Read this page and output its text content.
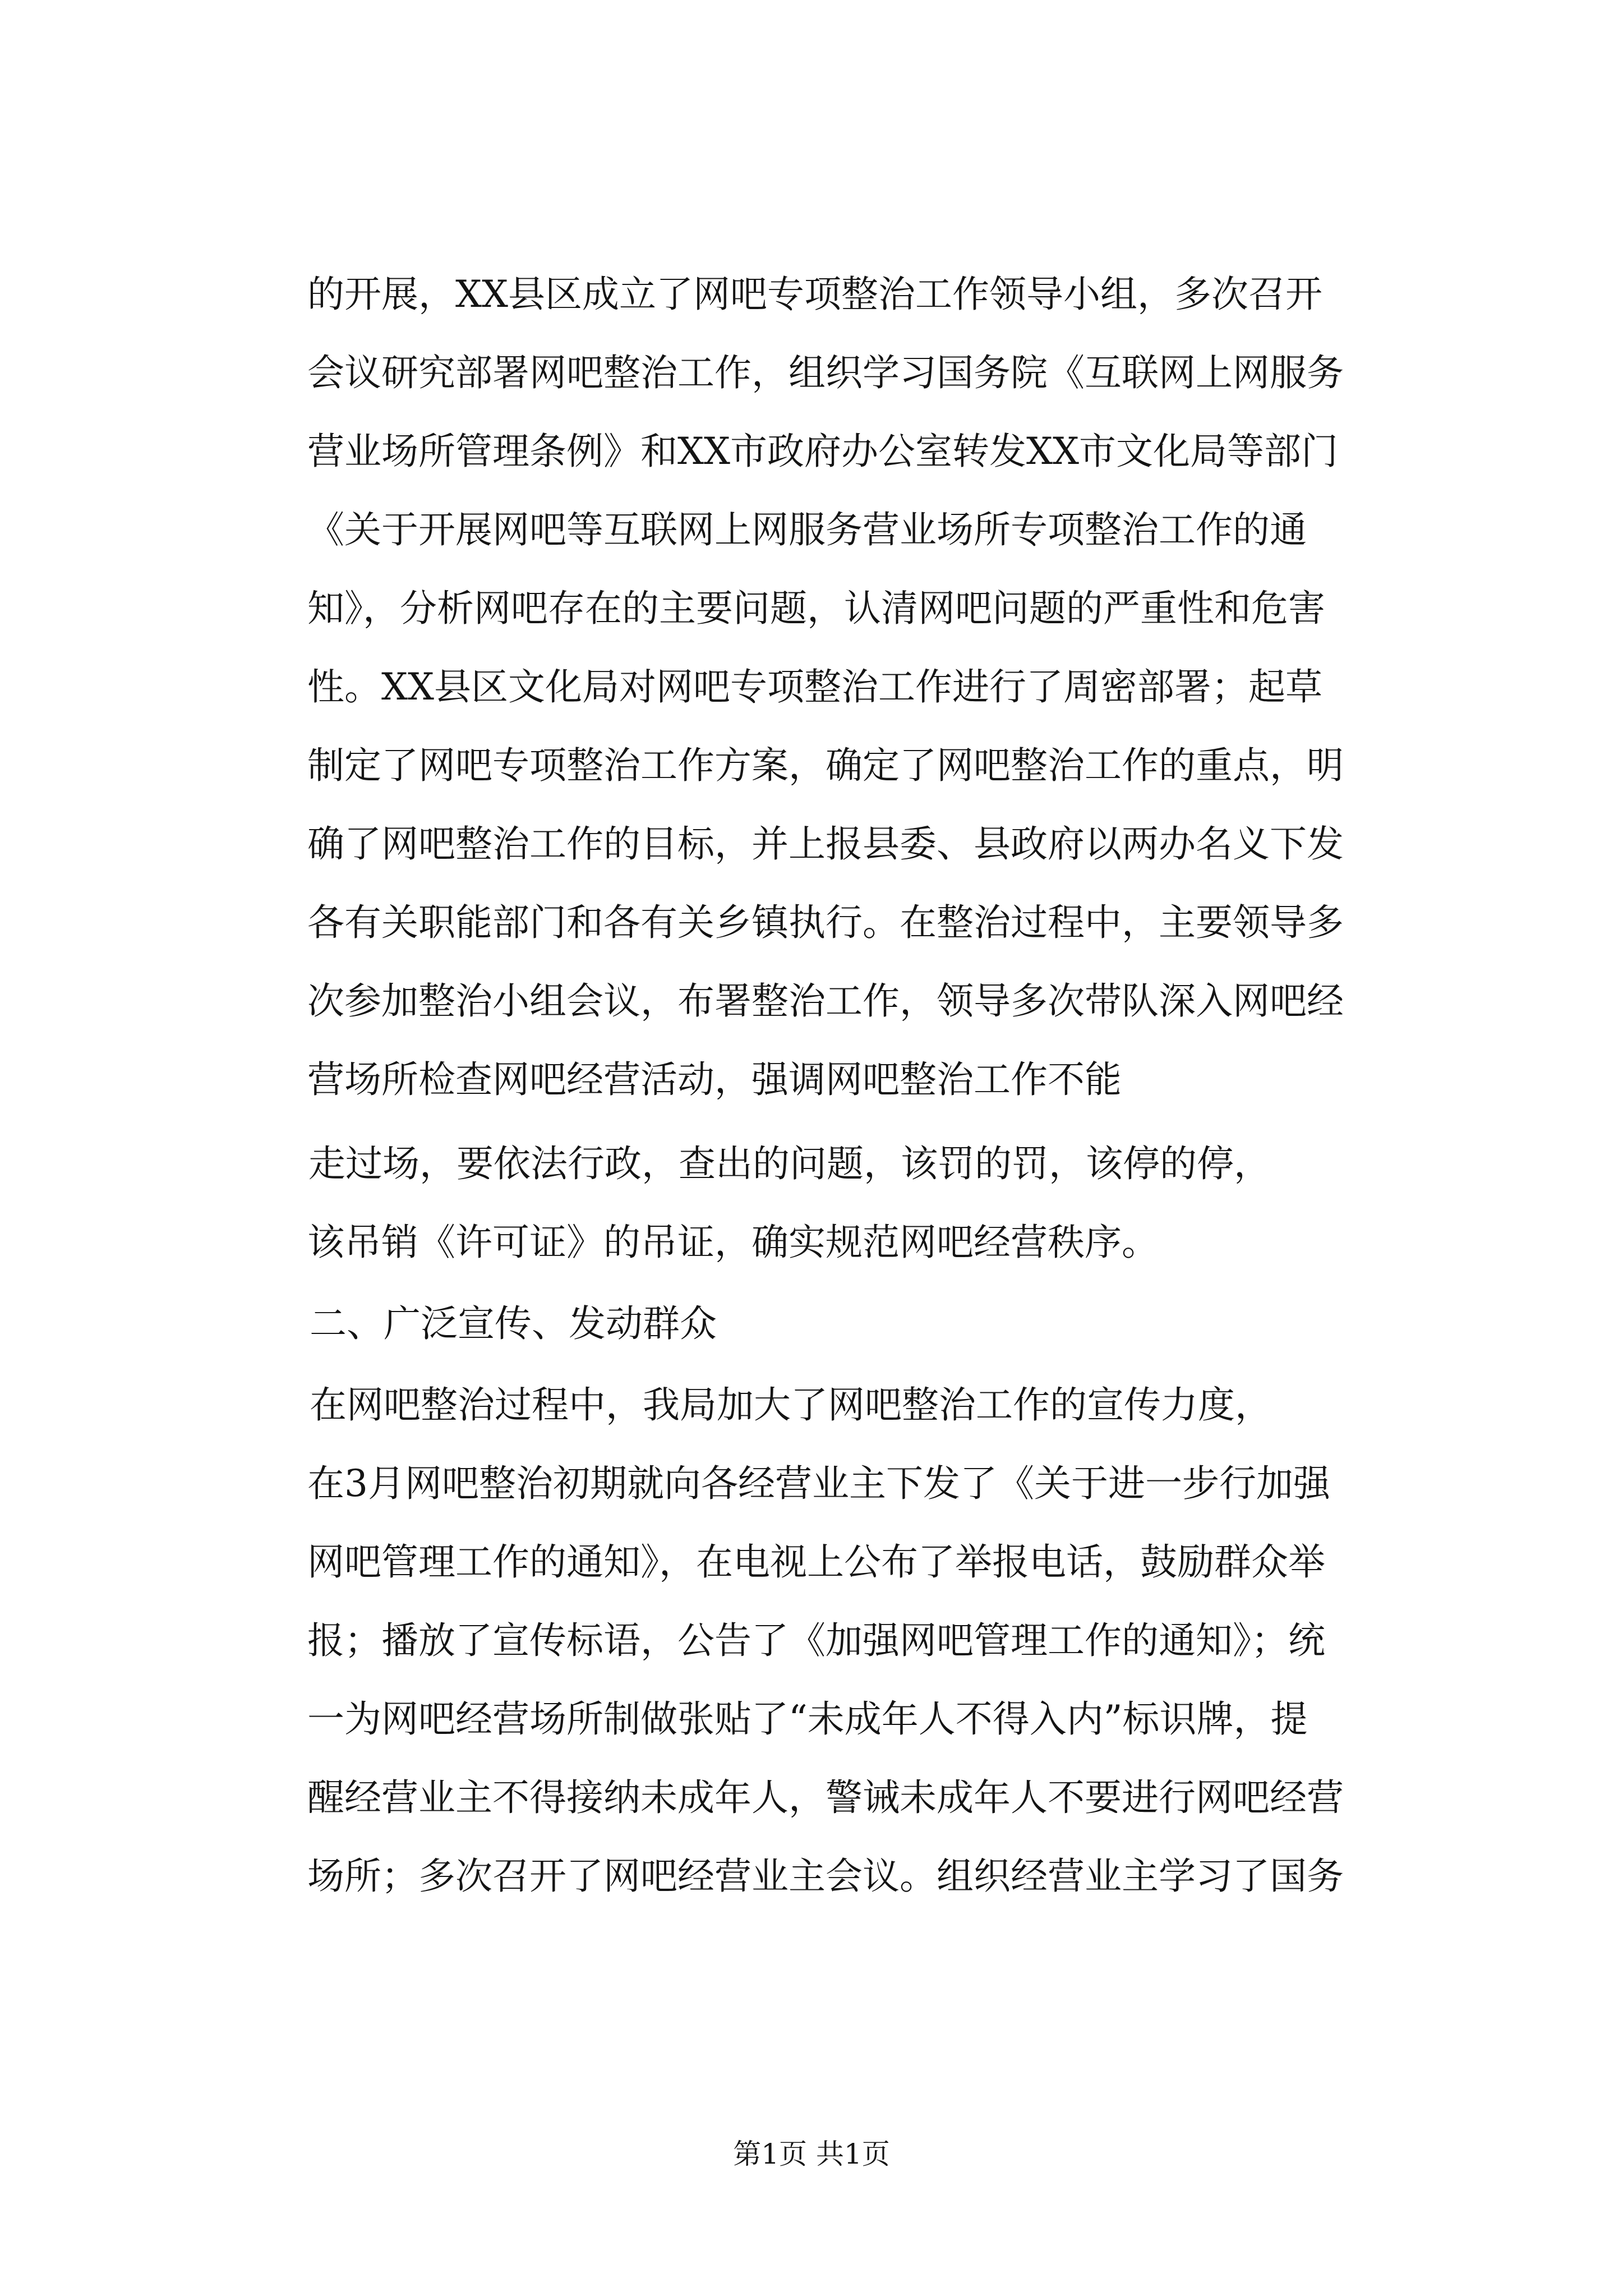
的开展，XX县区成立了网吧专项整治工作领导小组，多次召开
会议研究部署网吧整治工作，组织学习国务院《互联网上网服务
营业场所管理条例》和XX市政府办公室转发XX市文化局等部门
《关于开展网吧等互联网上网服务营业场所专项整治工作的通
知》，分析网吧存在的主要问题，认清网吧问题的严重性和危害
性。XX县区文化局对网吧专项整治工作进行了周密部署；起草
制定了网吧专项整治工作方案，确定了网吧整治工作的重点，明
确了网吧整治工作的目标，并上报县委、县政府以两办名义下发
各有关职能部门和各有关乡镇执行。在整治过程中，主要领导多
次参加整治小组会议，布署整治工作，领导多次带队深入网吧经
营场所检查网吧经营活动，强调网吧整治工作不能
走过场，要依法行政，查出的问题，该罚的罚，该停的停，
该吊销《许可证》的吊证，确实规范网吧经营秩序。
二、广泛宣传、发动群众
在网吧整治过程中，我局加大了网吧整治工作的宣传力度，
在3月网吧整治初期就向各经营业主下发了《关于进一步行加强
网吧管理工作的通知》，在电视上公布了举报电话，鼓励群众举
报；播放了宣传标语，公告了《加强网吧管理工作的通知》；统
一为网吧经营场所制做张贴了“未成年人不得入内”标识牌，提
醒经营业主不得接纳未成年人，警诫未成年人不要进行网吧经营
场所；多次召开了网吧经营业主会议。组织经营业主学习了国务
第1页 共1页
